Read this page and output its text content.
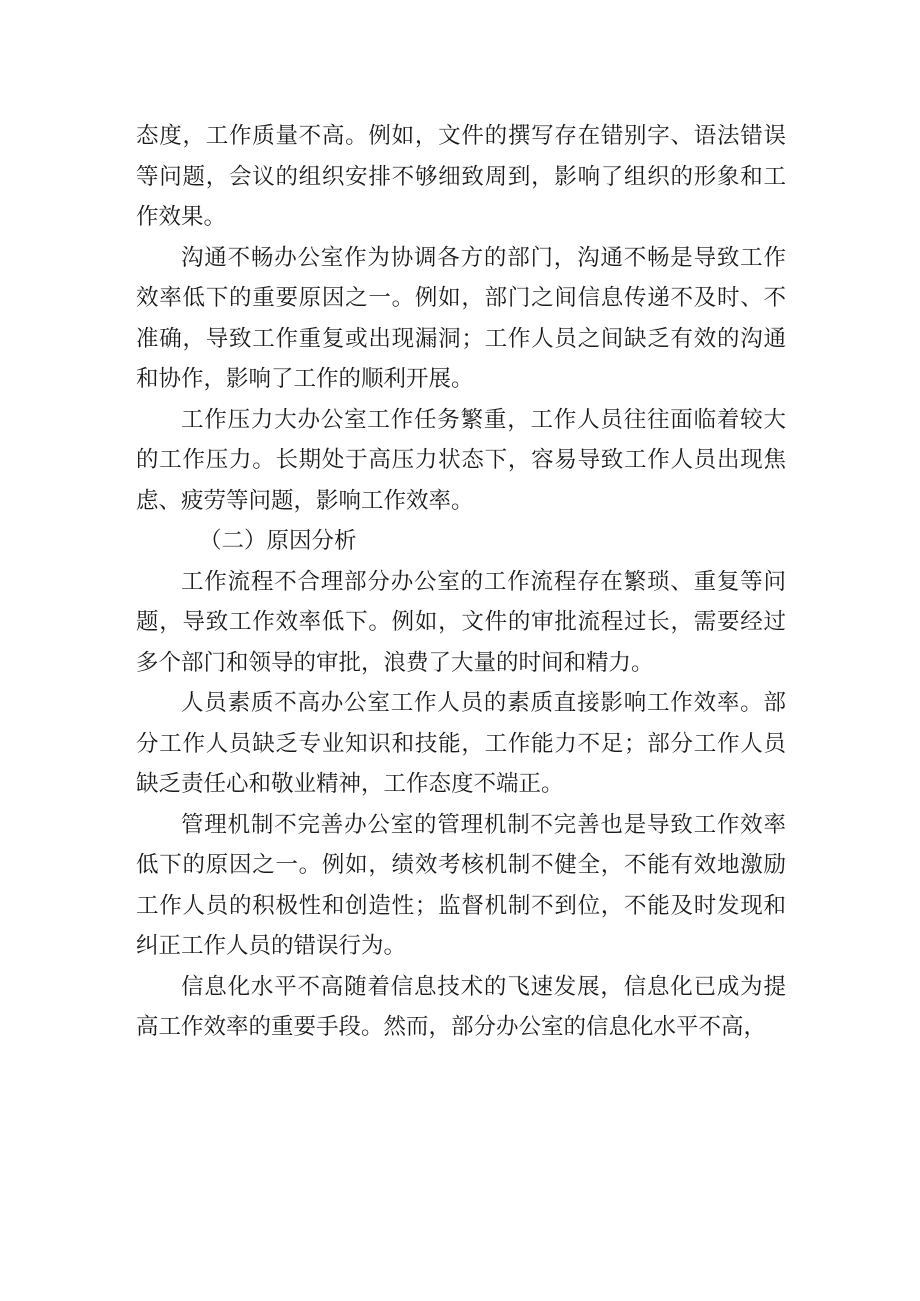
态度，工作质量不高。例如，文件的撰写存在错别字、语法错误等问题，会议的组织安排不够细致周到，影响了组织的形象和工作效果。

沟通不畅办公室作为协调各方的部门，沟通不畅是导致工作效率低下的重要原因之一。例如，部门之间信息传递不及时、不准确，导致工作重复或出现漏洞；工作人员之间缺乏有效的沟通和协作，影响了工作的顺利开展。

工作压力大办公室工作任务繁重，工作人员往往面临着较大的工作压力。长期处于高压力状态下，容易导致工作人员出现焦虑、疲劳等问题，影响工作效率。

（二）原因分析

工作流程不合理部分办公室的工作流程存在繁琐、重复等问题，导致工作效率低下。例如，文件的审批流程过长，需要经过多个部门和领导的审批，浪费了大量的时间和精力。

人员素质不高办公室工作人员的素质直接影响工作效率。部分工作人员缺乏专业知识和技能，工作能力不足；部分工作人员缺乏责任心和敬业精神，工作态度不端正。

管理机制不完善办公室的管理机制不完善也是导致工作效率低下的原因之一。例如，绩效考核机制不健全，不能有效地激励工作人员的积极性和创造性；监督机制不到位，不能及时发现和纠正工作人员的错误行为。

信息化水平不高随着信息技术的飞速发展，信息化已成为提高工作效率的重要手段。然而，部分办公室的信息化水平不高，
